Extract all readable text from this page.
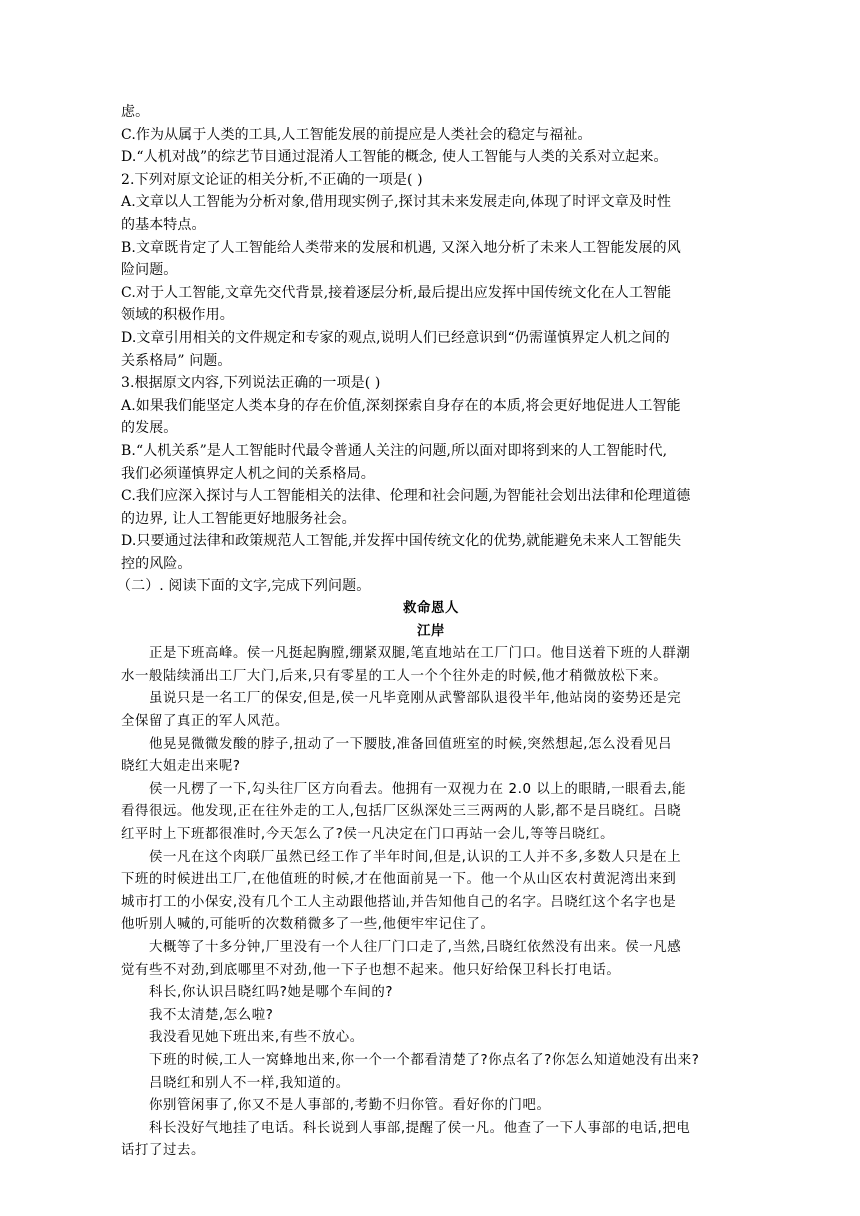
虑。
C.作为从属于人类的工具,人工智能发展的前提应是人类社会的稳定与福祉。
D.“人机对战”的综艺节目通过混淆人工智能的概念, 使人工智能与人类的关系对立起来。
2.下列对原文论证的相关分析,不正确的一项是( )
A.文章以人工智能为分析对象,借用现实例子,探讨其未来发展走向,体现了时评文章及时性
的基本特点。
B.文章既肯定了人工智能给人类带来的发展和机遇, 又深入地分析了未来人工智能发展的风
险问题。
C.对于人工智能,文章先交代背景,接着逐层分析,最后提出应发挥中国传统文化在人工智能
领域的积极作用。
D.文章引用相关的文件规定和专家的观点,说明人们已经意识到“仍需谨慎界定人机之间的
关系格局” 问题。
3.根据原文内容,下列说法正确的一项是( )
A.如果我们能坚定人类本身的存在价值,深刻探索自身存在的本质,将会更好地促进人工智能
的发展。
B.“人机关系”是人工智能时代最令普通人关注的问题,所以面对即将到来的人工智能时代,
我们必须谨慎界定人机之间的关系格局。
C.我们应深入探讨与人工智能相关的法律、伦理和社会问题,为智能社会划出法律和伦理道德
的边界, 让人工智能更好地服务社会。
D.只要通过法律和政策规范人工智能,并发挥中国传统文化的优势,就能避免未来人工智能失
控的风险。
（二）. 阅读下面的文字,完成下列问题。
救命恩人
江岸
正是下班高峰。侯一凡挺起胸膛,绷紧双腿,笔直地站在工厂门口。他目送着下班的人群潮
水一般陆续涌出工厂大门,后来,只有零星的工人一个个往外走的时候,他才稍微放松下来。
虽说只是一名工厂的保安,但是,侯一凡毕竟刚从武警部队退役半年,他站岗的姿势还是完
全保留了真正的军人风范。
他晃晃微微发酸的脖子,扭动了一下腰肢,准备回值班室的时候,突然想起,怎么没看见吕
晓红大姐走出来呢?
侯一凡楞了一下,勾头往厂区方向看去。他拥有一双视力在 2.0 以上的眼睛,一眼看去,能
看得很远。他发现,正在往外走的工人,包括厂区纵深处三三两两的人影,都不是吕晓红。吕晓
红平时上下班都很准时,今天怎么了?侯一凡决定在门口再站一会儿,等等吕晓红。
侯一凡在这个肉联厂虽然已经工作了半年时间,但是,认识的工人并不多,多数人只是在上
下班的时候进出工厂,在他值班的时候,才在他面前晃一下。他一个从山区农村黄泥湾出来到
城市打工的小保安,没有几个工人主动跟他搭讪,并告知他自己的名字。吕晓红这个名字也是
他听别人喊的,可能听的次数稍微多了一些,他便牢牢记住了。
大概等了十多分钟,厂里没有一个人往厂门口走了,当然,吕晓红依然没有出来。侯一凡感
觉有些不对劲,到底哪里不对劲,他一下子也想不起来。他只好给保卫科长打电话。
科长,你认识吕晓红吗?她是哪个车间的?
我不太清楚,怎么啦?
我没看见她下班出来,有些不放心。
下班的时候,工人一窝蜂地出来,你一个一个都看清楚了?你点名了?你怎么知道她没有出来?
吕晓红和别人不一样,我知道的。
你别管闲事了,你又不是人事部的,考勤不归你管。看好你的门吧。
科长没好气地挂了电话。科长说到人事部,提醒了侯一凡。他查了一下人事部的电话,把电
话打了过去。
